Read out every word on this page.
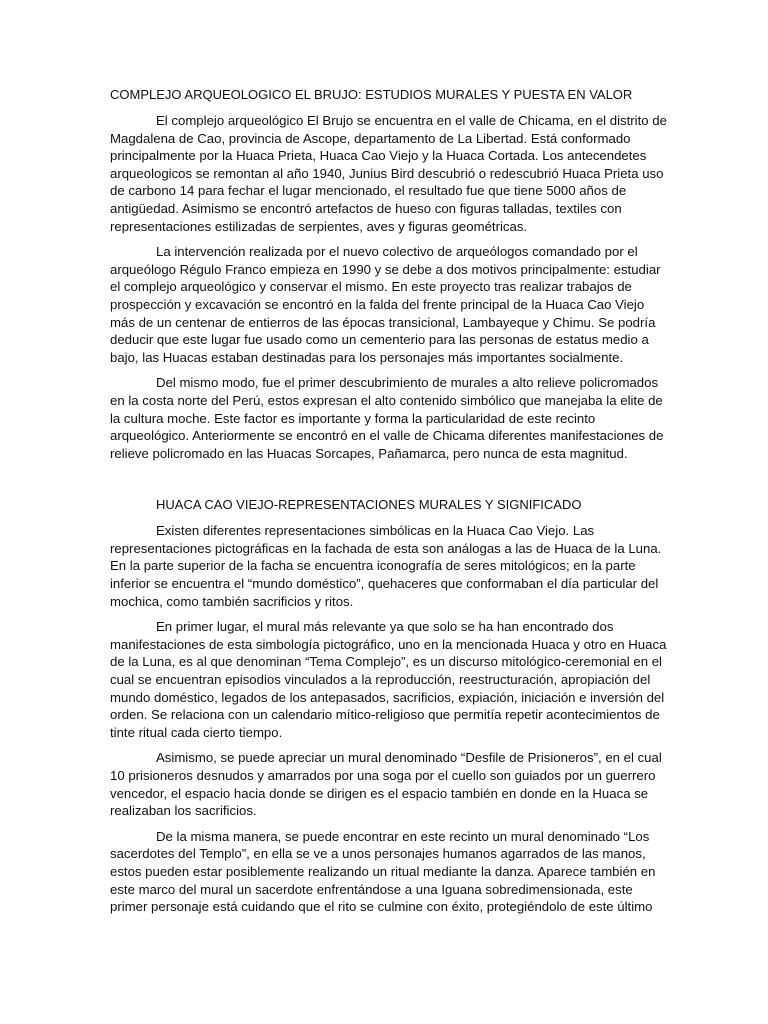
COMPLEJO ARQUEOLOGICO EL BRUJO: ESTUDIOS MURALES Y PUESTA EN VALOR

El complejo arqueológico El Brujo se encuentra en el valle de Chicama, en el distrito de Magdalena de Cao, provincia de Ascope, departamento de La Libertad. Está conformado principalmente por la Huaca Prieta, Huaca Cao Viejo y la Huaca Cortada. Los antecendetes arqueologicos se remontan al año 1940, Junius Bird descubrió o redescubrió Huaca Prieta uso de carbono 14 para fechar el lugar mencionado, el resultado fue que tiene 5000 años de antigüedad. Asimismo se encontró artefactos de hueso con figuras talladas, textiles con representaciones estilizadas de serpientes, aves y figuras geométricas.

La intervención realizada por el nuevo colectivo de arqueólogos comandado por el arqueólogo Régulo Franco empieza en 1990 y se debe a dos motivos principalmente: estudiar el complejo arqueológico y conservar el mismo. En este proyecto tras realizar trabajos de prospección y excavación se encontró en la falda del frente principal de la Huaca Cao Viejo más de un centenar de entierros de las épocas transicional, Lambayeque y Chimu. Se podría deducir que este lugar fue usado como un cementerio para las personas de estatus medio a bajo, las Huacas estaban destinadas para los personajes más importantes socialmente.

Del mismo modo, fue el primer descubrimiento de murales a alto relieve policromados en la costa norte del Perú, estos expresan el alto contenido simbólico que manejaba la elite de la cultura moche. Este factor es importante y forma la particularidad de este recinto arqueológico. Anteriormente se encontró en el valle de Chicama diferentes manifestaciones de relieve policromado en las Huacas Sorcapes, Pañamarca, pero nunca de esta magnitud.

HUACA CAO VIEJO-REPRESENTACIONES MURALES Y SIGNIFICADO

Existen diferentes representaciones simbólicas en la Huaca Cao Viejo. Las representaciones pictográficas en la fachada de esta son análogas a las de Huaca de la Luna. En la parte superior de la facha se encuentra iconografía de seres mitológicos; en la parte inferior se encuentra el “mundo doméstico”, quehaceres que conformaban el día particular del mochica, como también sacrificios y ritos.

En primer lugar, el mural más relevante ya que solo se ha han encontrado dos manifestaciones de esta simbología pictográfico, uno en la mencionada Huaca y otro en Huaca de la Luna, es al que denominan “Tema Complejo”, es un discurso mitológico-ceremonial en el cual se encuentran episodios vinculados a la reproducción, reestructuración, apropiación del mundo doméstico, legados de los antepasados, sacrificios, expiación, iniciación e inversión del orden. Se relaciona con un calendario mítico-religioso que permitía repetir acontecimientos de tinte ritual cada cierto tiempo.

Asimismo, se puede apreciar un mural denominado “Desfile de Prisioneros”, en el cual 10 prisioneros desnudos y amarrados por una soga por el cuello son guiados por un guerrero vencedor, el espacio hacia donde se dirigen es el espacio también en donde en la Huaca se realizaban los sacrificios.

De la misma manera, se puede encontrar en este recinto un mural denominado “Los sacerdotes del Templo”, en ella se ve a unos personajes humanos agarrados de las manos, estos pueden estar posiblemente realizando un ritual mediante la danza. Aparece también en este marco del mural un sacerdote enfrentándose a una Iguana sobredimensionada, este primer personaje está cuidando que el rito se culmine con éxito, protegiéndolo de este último
